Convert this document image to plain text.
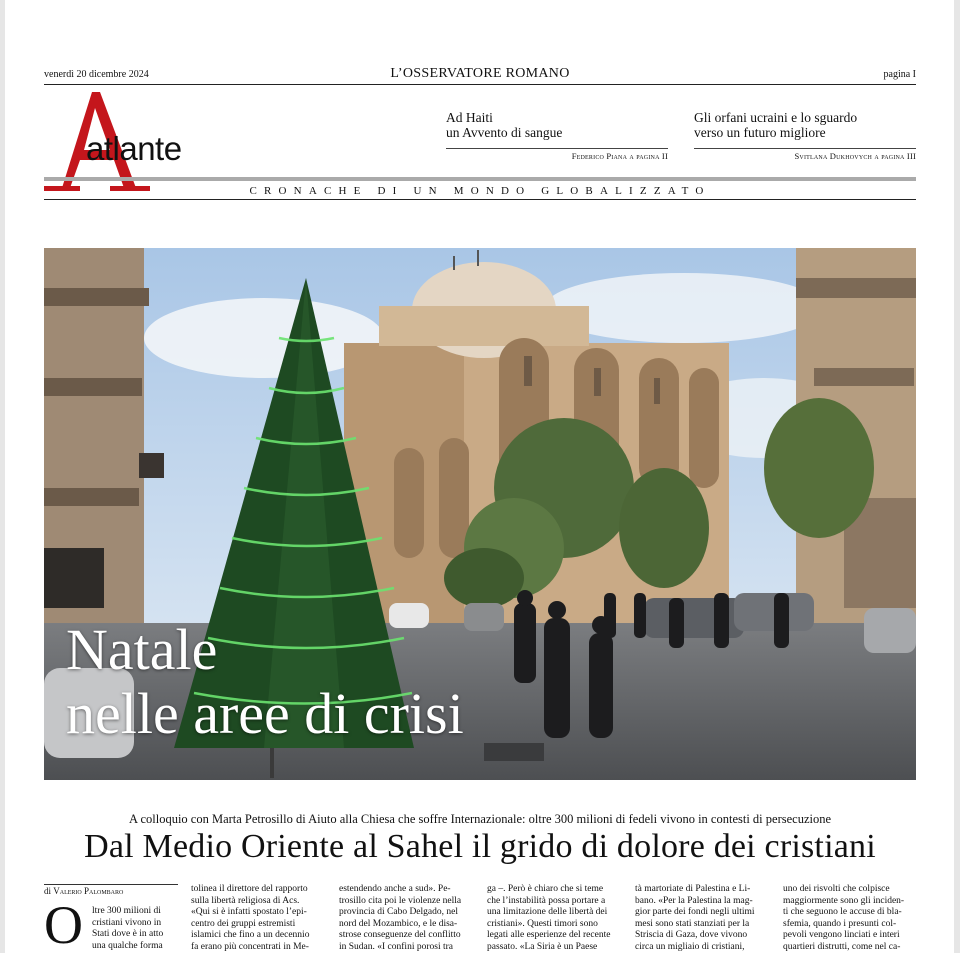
venerdì 20 dicembre 2024	L’OSSERVATORE ROMANO	pagina I
atlante
Ad Haiti
un Avvento di sangue
Federico Piana a pagina II
Gli orfani ucraini e lo sguardo
verso un futuro migliore
Svitlana Dukhovych a pagina III
CRONACHE DI UN MONDO GLOBALIZZATO
Natale
nelle aree di crisi
A colloquio con Marta Petrosillo di Aiuto alla Chiesa che soffre Internazionale: oltre 300 milioni di fedeli vivono in contesti di persecuzione
Dal Medio Oriente al Sahel il grido di dolore dei cristiani
di Valerio Palombaro
O ltre 300 milioni di
cristiani vivono in
Stati dove è in atto
una qualche forma
tolinea il direttore del rapporto
sulla libertà religiosa di Acs.
«Qui si è infatti spostato l’epi-
centro dei gruppi estremisti
islamici che fino a un decennio
fa erano più concentrati in Me-
estendendo anche a sud». Pe-
trosillo cita poi le violenze nella
provincia di Cabo Delgado, nel
nord del Mozambico, e le disa-
strose conseguenze del conflitto
in Sudan. «I confini porosi tra
ga –. Però è chiaro che si teme
che l’instabilità possa portare a
una limitazione delle libertà dei
cristiani». Questi timori sono
legati alle esperienze del recente
passato. «La Siria è un Paese
tà martoriate di Palestina e Li-
bano. «Per la Palestina la mag-
gior parte dei fondi negli ultimi
mesi sono stati stanziati per la
Striscia di Gaza, dove vivono
circa un migliaio di cristiani,
uno dei risvolti che colpisce
maggiormente sono gli inciden-
ti che seguono le accuse di bla-
sfemia, quando i presunti col-
pevoli vengono linciati e interi
quartieri distrutti, come nel ca-
